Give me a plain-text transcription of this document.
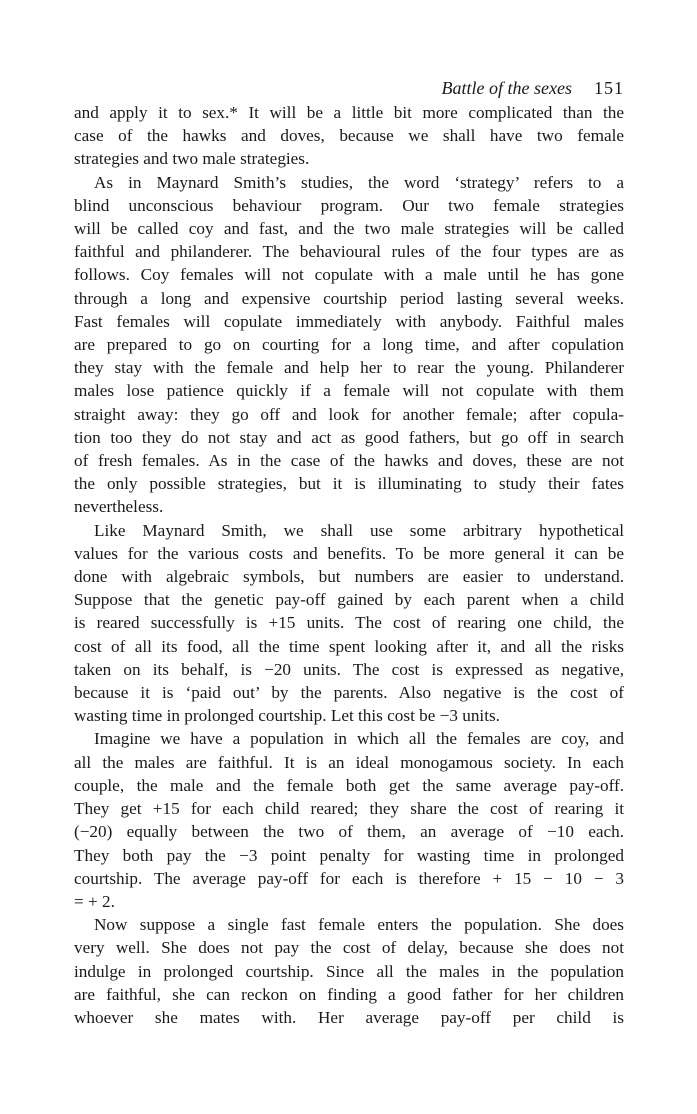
Battle of the sexes 151

and apply it to sex.* It will be a little bit more complicated than the

case of the hawks and doves, because we shall have two female

strategies and two male strategies.

As in Maynard Smith’s studies, the word ‘strategy’ refers to a

blind unconscious behaviour program. Our two female strategies

will be called coy and fast, and the two male strategies will be called

faithful and philanderer. The behavioural rules of the four types are as

follows. Coy females will not copulate with a male until he has gone

through a long and expensive courtship period lasting several weeks.

Fast females will copulate immediately with anybody. Faithful males

are prepared to go on courting for a long time, and after copulation

they stay with the female and help her to rear the young. Philanderer

males lose patience quickly if a female will not copulate with them

straight away: they go off and look for another female; after copula-

tion too they do not stay and act as good fathers, but go off in search

of fresh females. As in the case of the hawks and doves, these are not

the only possible strategies, but it is illuminating to study their fates

nevertheless.

Like Maynard Smith, we shall use some arbitrary hypothetical

values for the various costs and benefits. To be more general it can be

done with algebraic symbols, but numbers are easier to understand.

Suppose that the genetic pay-off gained by each parent when a child

is reared successfully is +15 units. The cost of rearing one child, the

cost of all its food, all the time spent looking after it, and all the risks

taken on its behalf, is −20 units. The cost is expressed as negative,

because it is ‘paid out’ by the parents. Also negative is the cost of

wasting time in prolonged courtship. Let this cost be −3 units.

Imagine we have a population in which all the females are coy, and

all the males are faithful. It is an ideal monogamous society. In each

couple, the male and the female both get the same average pay-off.

They get +15 for each child reared; they share the cost of rearing it

(−20) equally between the two of them, an average of −10 each.

They both pay the −3 point penalty for wasting time in prolonged

courtship. The average pay-off for each is therefore + 15 − 10 − 3

= + 2.

Now suppose a single fast female enters the population. She does

very well. She does not pay the cost of delay, because she does not

indulge in prolonged courtship. Since all the males in the population

are faithful, she can reckon on finding a good father for her children

whoever she mates with. Her average pay-off per child is
